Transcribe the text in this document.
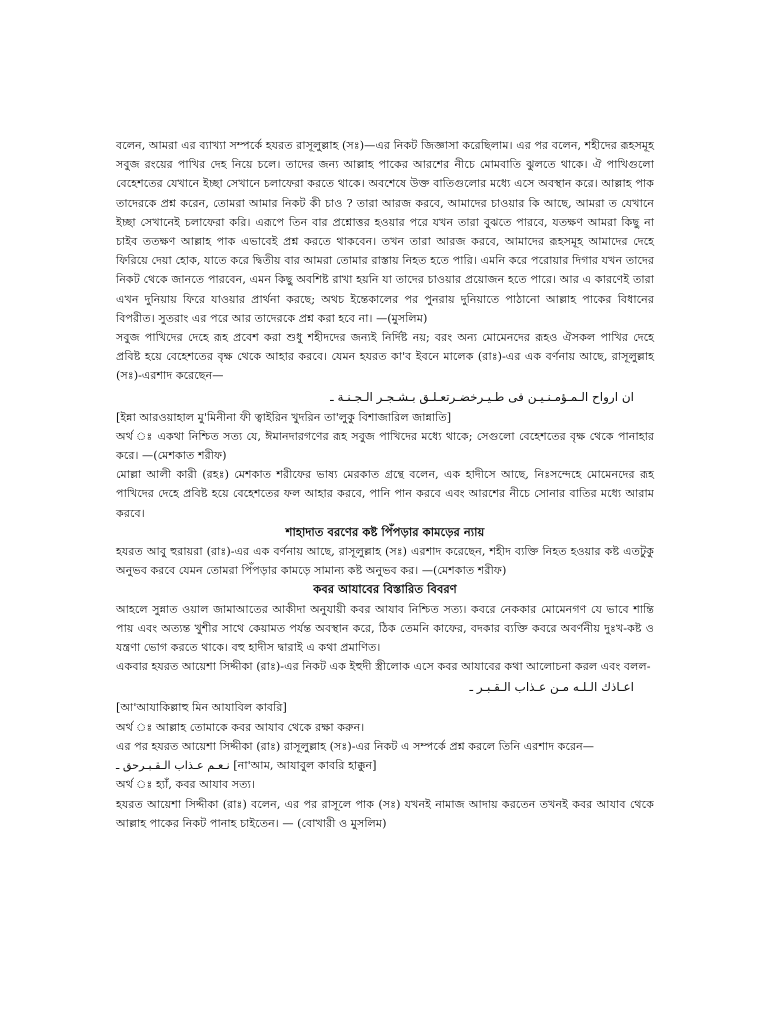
বলেন, আমরা এর ব্যাখ্যা সম্পর্কে হযরত রাসূলুল্লাহ (সঃ)—এর নিকট জিজ্ঞাসা করেছিলাম। এর পর বলেন, শহীদের রূহসমূহ সবুজ রংয়ের পাখির দেহ নিয়ে চলে। তাদের জন্য আল্লাহ পাকের আরশের নীচে মোমবাতি ঝুলতে থাকে। ঐ পাখিগুলো বেহেশতের যেখানে ইচ্ছা সেখানে চলাফেরা করতে থাকে। অবশেষে উক্ত বাতিগুলোর মধ্যে এসে অবস্থান করে। আল্লাহ পাক তাদেরকে প্রশ্ন করেন, তোমরা আমার নিকট কী চাও ? তারা আরজ করবে, আমাদের চাওয়ার কি আছে, আমরা ত যেখানে ইচ্ছা সেখানেই চলাফেরা করি। এরূপে তিন বার প্রশ্নোত্তর হওয়ার পরে যখন তারা বুঝতে পারবে, যতক্ষণ আমরা কিছু না চাইব ততক্ষণ আল্লাহ পাক এভাবেই প্রশ্ন করতে থাকবেন। তখন তারা আরজ করবে, আমাদের রূহসমূহ আমাদের দেহে ফিরিয়ে দেয়া হোক, যাতে করে দ্বিতীয় বার আমরা তোমার রাস্তায় নিহত হতে পারি। এমনি করে পরোয়ার দিগার যখন তাদের নিকট থেকে জানতে পারবেন, এমন কিছু অবশিষ্ট রাখা হয়নি যা তাদের চাওয়ার প্রয়োজন হতে পারে। আর এ কারণেই তারা এখন দুনিয়ায় ফিরে যাওয়ার প্রার্থনা করছে; অথচ ইন্তেকালের পর পুনরায় দুনিয়াতে পাঠানো আল্লাহ পাকের বিধানের বিপরীত। সুতরাং এর পরে আর তাদেরকে প্রশ্ন করা হবে না। —(মুসলিম)

সবুজ পাখিদের দেহে রূহ প্রবেশ করা শুধু শহীদদের জন্যই নির্দিষ্ট নয়; বরং অন্য মোমেনদের রূহও ঐসকল পাখির দেহে প্রবিষ্ট হয়ে বেহেশতের বৃক্ষ থেকে আহার করবে। যেমন হযরত কা'ব ইবনে মালেক (রাঃ)-এর এক বর্ণনায় আছে, রাসূলুল্লাহ (সঃ)-এরশাদ করেছেন—

ان ارواح الـمـؤمـنـيـن فى طـيـرخضـرتعـلـق بـشـجـر الـجـنـة ـ

[ইন্না আরওয়াহাল মু'মিনীনা ফী ত্বাইরিন খুদরিন তা'লুকু বিশাজারিল জান্নাতি]

অর্থ ঃ একথা নিশ্চিত সত্য যে, ঈমানদারগণের রূহ সবুজ পাখিদের মধ্যে থাকে; সেগুলো বেহেশতের বৃক্ষ থেকে পানাহার করে। —(মেশকাত শরীফ)

মোল্লা আলী কারী (রহঃ) মেশকাত শরীফের ভাষ্য মেরকাত গ্রন্থে বলেন, এক হাদীসে আছে, নিঃসন্দেহে মোমেনদের রূহ পাখিদের দেহে প্রবিষ্ট হয়ে বেহেশতের ফল আহার করবে, পানি পান করবে এবং আরশের নীচে সোনার বাতির মধ্যে আরাম করবে।

শাহাদাত বরণের কষ্ট পিঁপড়ার কামড়ের ন্যায়

হযরত আবু হুরায়রা (রাঃ)-এর এক বর্ণনায় আছে, রাসূলুল্লাহ (সঃ) এরশাদ করেছেন, শহীদ ব্যক্তি নিহত হওয়ার কষ্ট এতটুকু অনুভব করবে যেমন তোমরা পিঁপড়ার কামড়ে সামান্য কষ্ট অনুভব কর। —(মেশকাত শরীফ)

কবর আযাবের বিস্তারিত বিবরণ

আহলে সুন্নাত ওয়াল জামাআতের আকীদা অনুযায়ী কবর আযাব নিশ্চিত সত্য। কবরে নেককার মোমেনগণ যে ভাবে শান্তি পায় এবং অত্যন্ত খুশীর সাথে কেয়ামত পর্যন্ত অবস্থান করে, ঠিক তেমনি কাফের, বদকার ব্যক্তি কবরে অবর্ণনীয় দুঃখ-কষ্ট ও যন্ত্রণা ভোগ করতে থাকে। বহু হাদীস দ্বারাই এ কথা প্রমাণিত।

একবার হযরত আয়েশা সিদ্দীকা (রাঃ)-এর নিকট এক ইহুদী স্ত্রীলোক এসে কবর আযাবের কথা আলোচনা করল এবং বলল-

اعـاذك الـلـه مـن عـذاب الـقـبـر ـ

[আ'আযাকিল্লাহু মিন আযাবিল কাবরি]

অর্থ ঃ আল্লাহ তোমাকে কবর আযাব থেকে রক্ষা করুন।

এর পর হযরত আয়েশা সিদ্দীকা (রাঃ) রাসূলুল্লাহ (সঃ)-এর নিকট এ সম্পর্কে প্রশ্ন করলে তিনি এরশাদ করেন—

نـعـم عـذاب الـقـبـرحق ـ [না'আম, আযাবুল কাবরি হাক্কুন]

অর্থ ঃ হ্যাঁ, কবর আযাব সত্য।

হযরত আয়েশা সিদ্দীকা (রাঃ) বলেন, এর পর রাসূলে পাক (সঃ) যখনই নামাজ আদায় করতেন তখনই কবর আযাব থেকে আল্লাহ পাকের নিকট পানাহ চাইতেন। — (বোখারী ও মুসলিম)
